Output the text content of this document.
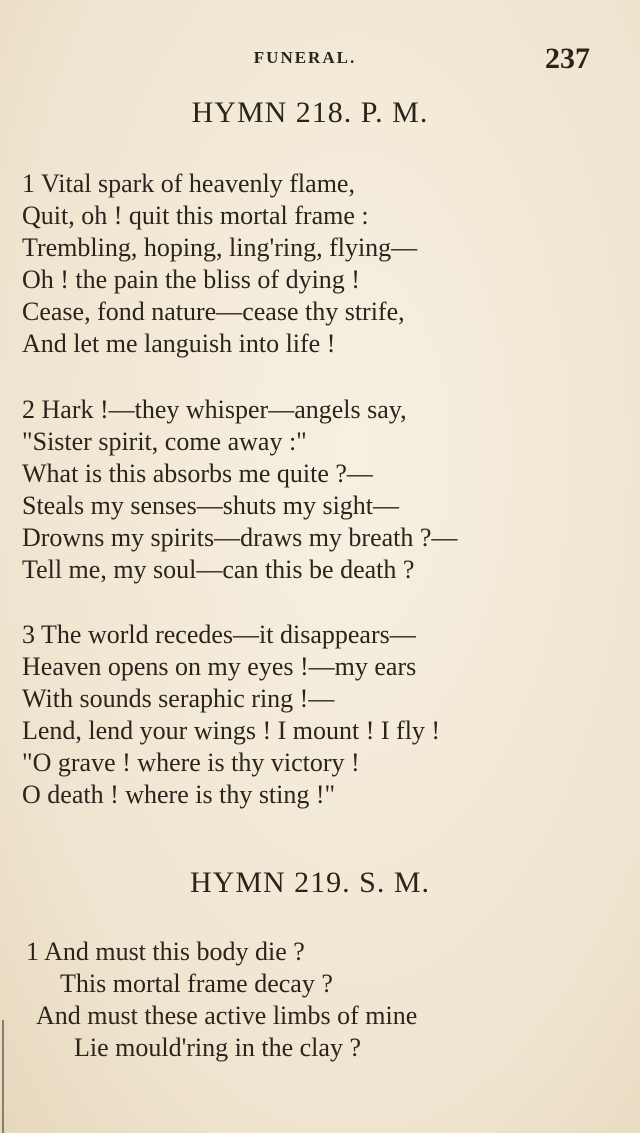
FUNERAL.	237
HYMN 218. P. M.
1 Vital spark of heavenly flame,
Quit, oh ! quit this mortal frame :
Trembling, hoping, ling'ring, flying—
Oh ! the pain the bliss of dying !
Cease, fond nature—cease thy strife,
And let me languish into life !
2 Hark !—they whisper—angels say,
"Sister spirit, come away :"
What is this absorbs me quite ?—
Steals my senses—shuts my sight—
Drowns my spirits—draws my breath ?—
Tell me, my soul—can this be death ?
3 The world recedes—it disappears—
Heaven opens on my eyes !—my ears
With sounds seraphic ring !—
Lend, lend your wings ! I mount ! I fly !
"O grave ! where is thy victory !
O death ! where is thy sting !"
HYMN 219. S. M.
1 And must this body die ?
This mortal frame decay ?
And must these active limbs of mine
Lie mould'ring in the clay ?
